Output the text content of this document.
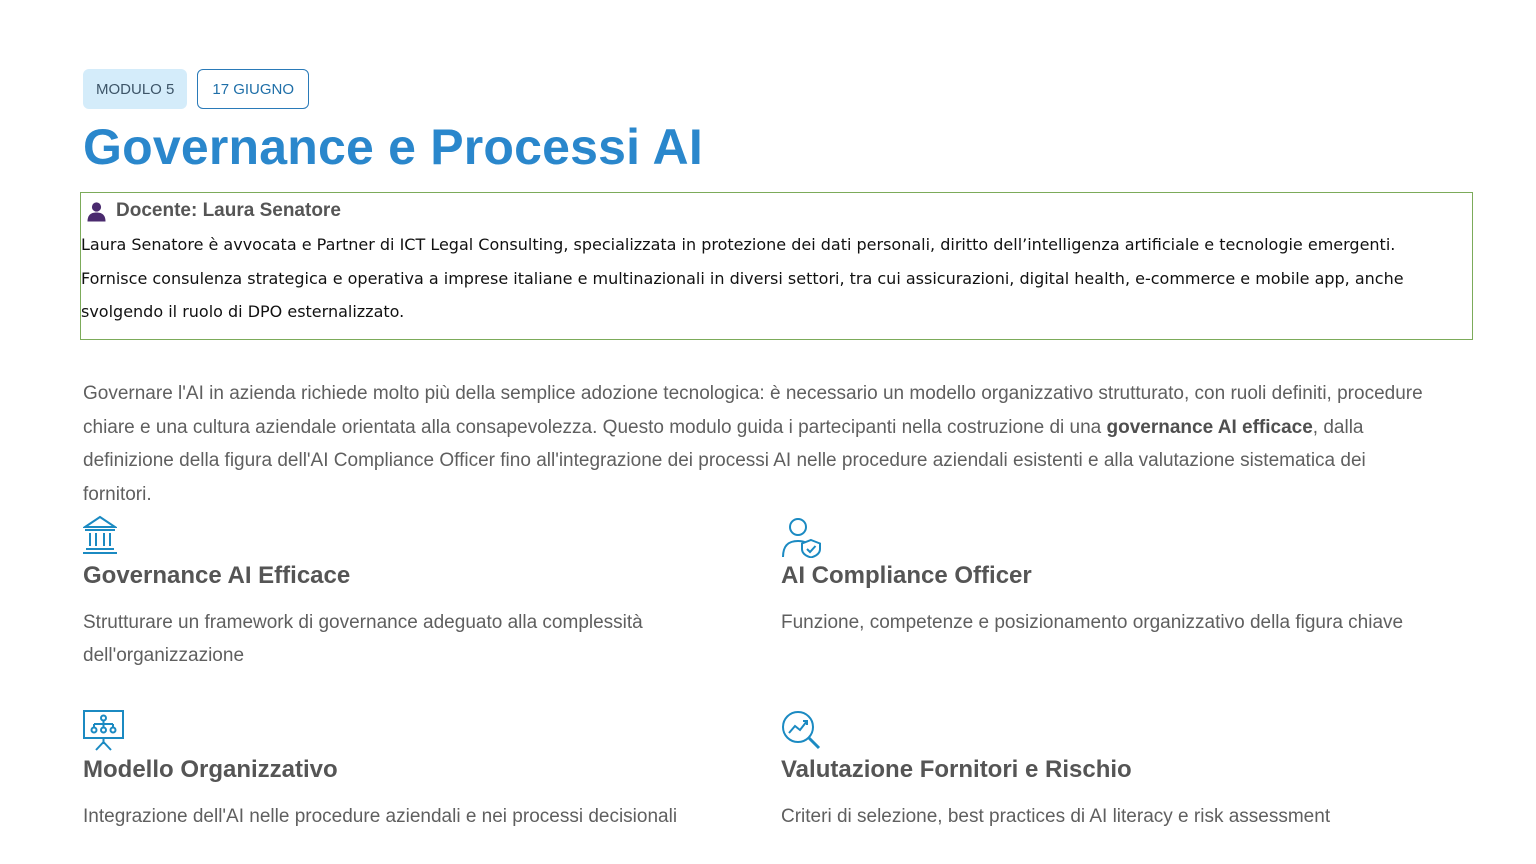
MODULO 5	17 GIUGNO
Governance e Processi AI
Docente: Laura Senatore

Laura Senatore è avvocata e Partner di ICT Legal Consulting, specializzata in protezione dei dati personali, diritto dell’intelligenza artificiale e tecnologie emergenti. Fornisce consulenza strategica e operativa a imprese italiane e multinazionali in diversi settori, tra cui assicurazioni, digital health, e-commerce e mobile app, anche svolgendo il ruolo di DPO esternalizzato.

Governare l'AI in azienda richiede molto più della semplice adozione tecnologica: è necessario un modello organizzativo strutturato, con ruoli definiti, procedure chiare e una cultura aziendale orientata alla consapevolezza. Questo modulo guida i partecipanti nella costruzione di una governance AI efficace, dalla definizione della figura dell'AI Compliance Officer fino all'integrazione dei processi AI nelle procedure aziendali esistenti e alla valutazione sistematica dei fornitori.

Governance AI Efficace

Strutturare un framework di governance adeguato alla complessità dell'organizzazione

AI Compliance Officer

Funzione, competenze e posizionamento organizzativo della figura chiave

Modello Organizzativo

Integrazione dell'AI nelle procedure aziendali e nei processi decisionali

Valutazione Fornitori e Rischio

Criteri di selezione, best practices di AI literacy e risk assessment
